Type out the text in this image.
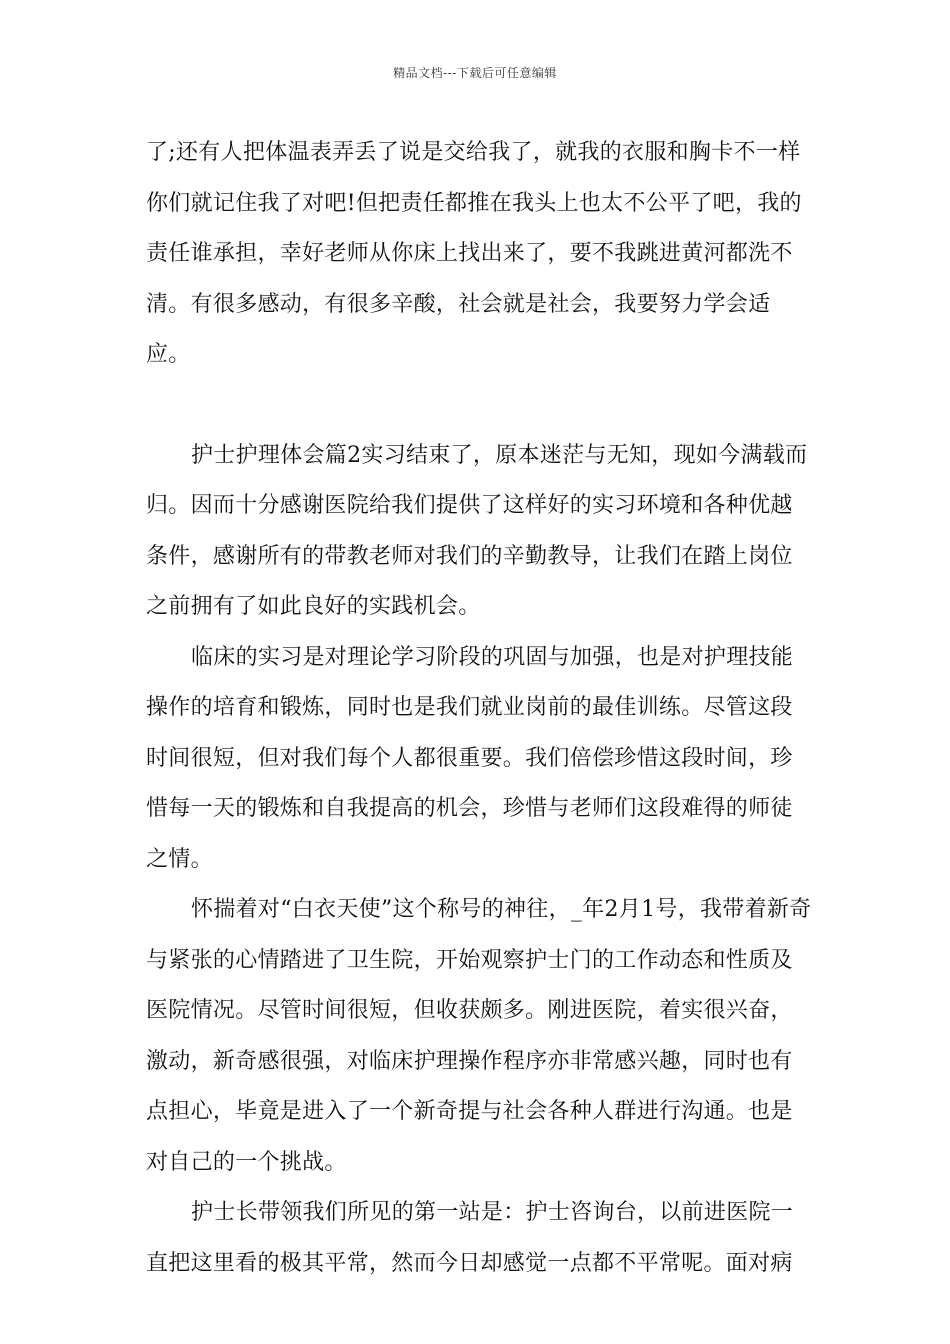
精品文档---下载后可任意编辑

了;还有人把体温表弄丢了说是交给我了，就我的衣服和胸卡不一样你们就记住我了对吧!但把责任都推在我头上也太不公平了吧，我的责任谁承担，幸好老师从你床上找出来了，要不我跳进黄河都洗不清。有很多感动，有很多辛酸，社会就是社会，我要努力学会适应。

护士护理体会篇2实习结束了，原本迷茫与无知，现如今满载而归。因而十分感谢医院给我们提供了这样好的实习环境和各种优越条件，感谢所有的带教老师对我们的辛勤教导，让我们在踏上岗位之前拥有了如此良好的实践机会。

临床的实习是对理论学习阶段的巩固与加强，也是对护理技能操作的培育和锻炼，同时也是我们就业岗前的最佳训练。尽管这段时间很短，但对我们每个人都很重要。我们倍偿珍惜这段时间，珍惜每一天的锻炼和自我提高的机会，珍惜与老师们这段难得的师徒之情。

怀揣着对“白衣天使”这个称号的神往，_年2月1号，我带着新奇与紧张的心情踏进了卫生院，开始观察护士门的工作动态和性质及医院情况。尽管时间很短，但收获颇多。刚进医院，着实很兴奋，激动，新奇感很强，对临床护理操作程序亦非常感兴趣，同时也有点担心，毕竟是进入了一个新奇提与社会各种人群进行沟通。也是对自己的一个挑战。

护士长带领我们所见的第一站是：护士咨询台，以前进医院一直把这里看的极其平常，然而今日却感觉一点都不平常呢。面对病
